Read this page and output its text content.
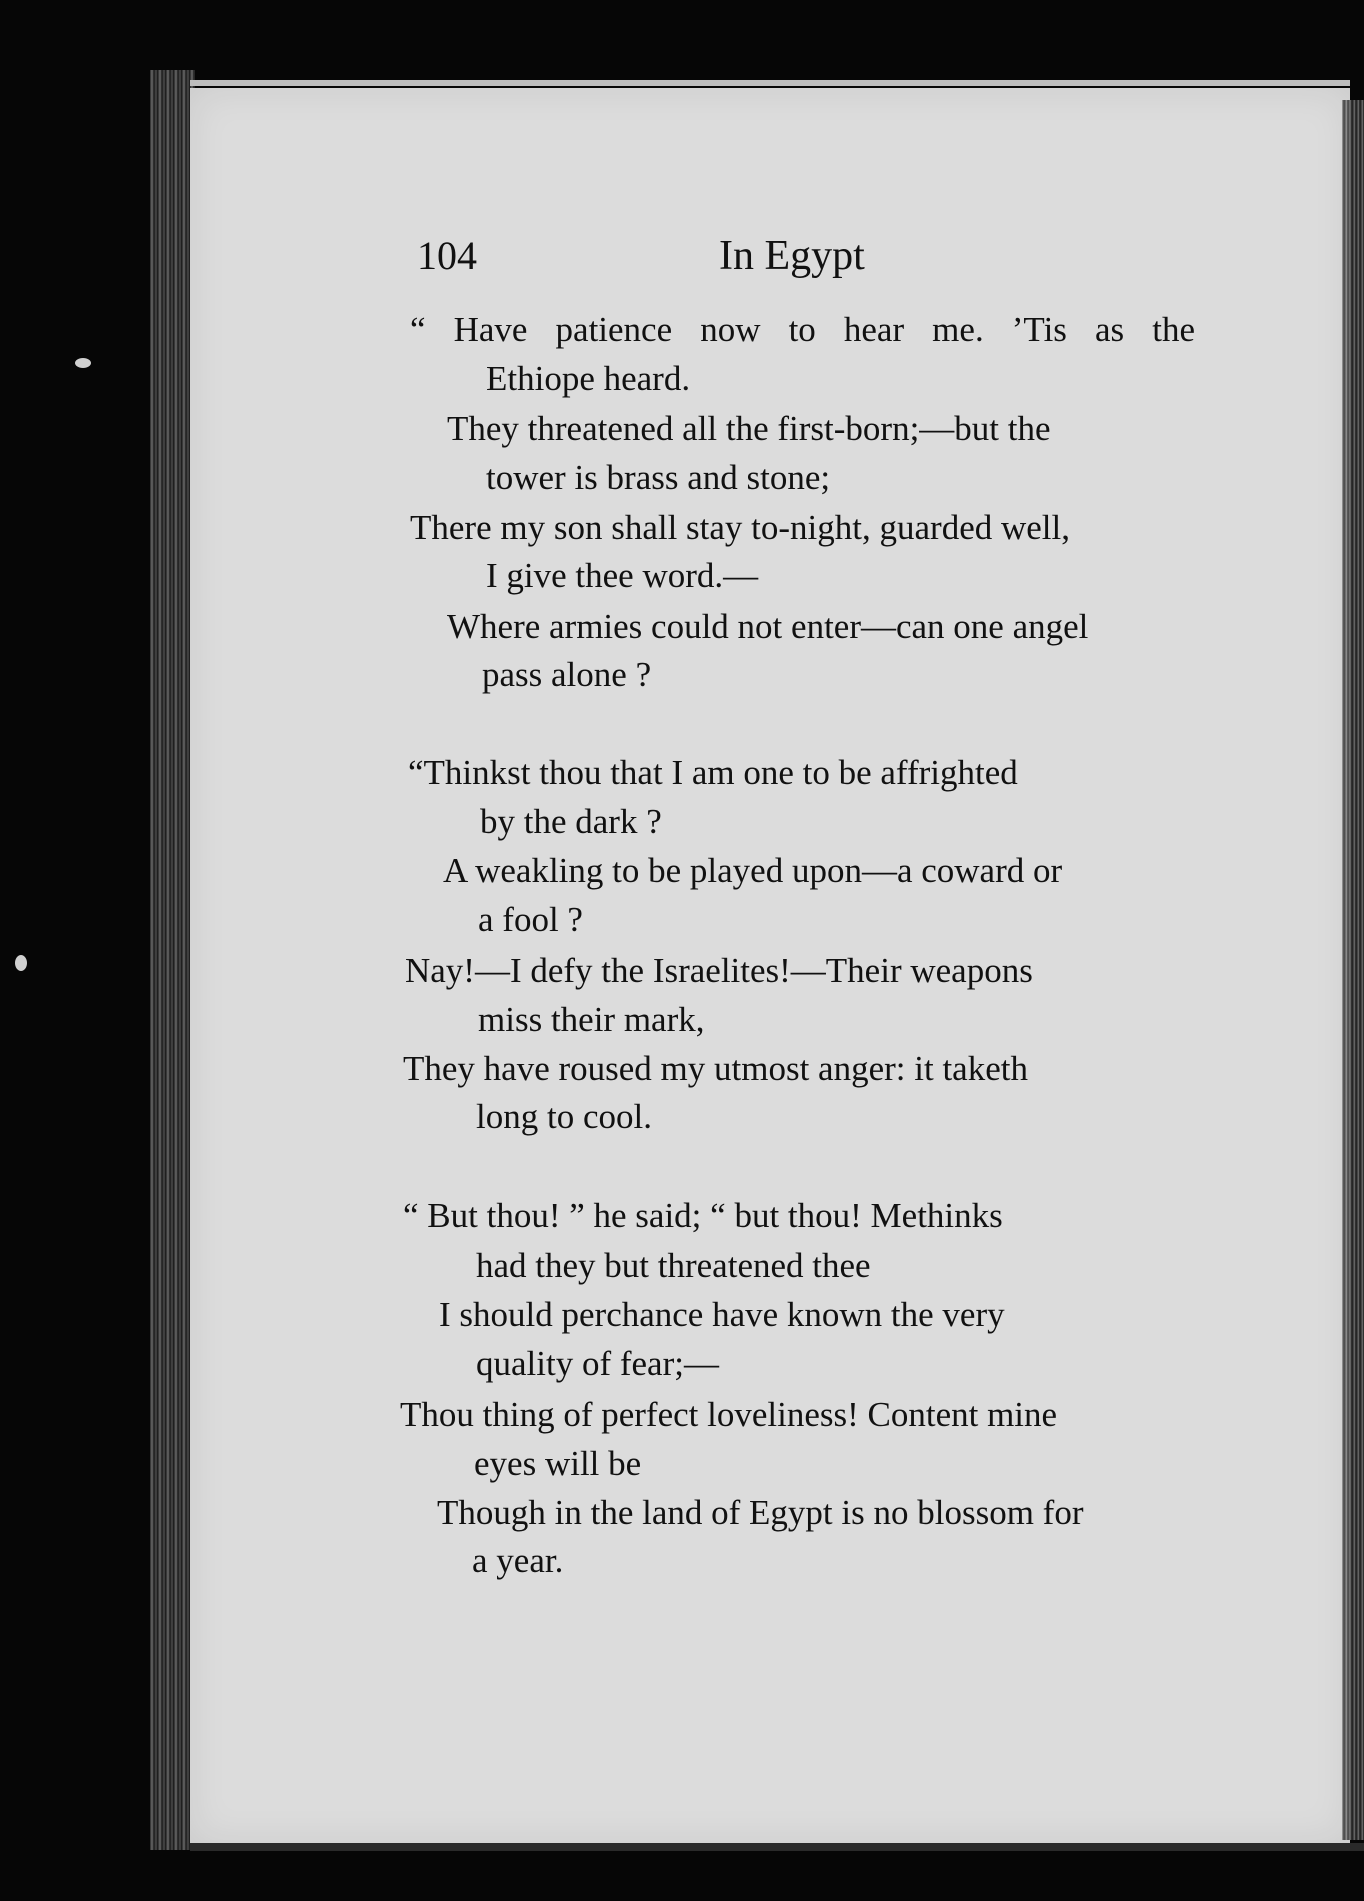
104	In Egypt
“ Have patience now to hear me. ’Tis as the
Ethiope heard.
They threatened all the first-born;—but the
tower is brass and stone;
There my son shall stay to-night, guarded well,
I give thee word.—
Where armies could not enter—can one angel
pass alone ?
“Thinkst thou that I am one to be affrighted
by the dark ?
A weakling to be played upon—a coward or
a fool ?
Nay!—I defy the Israelites!—Their weapons
miss their mark,
They have roused my utmost anger: it taketh
long to cool.
“ But thou! ” he said; “ but thou! Methinks
had they but threatened thee
I should perchance have known the very
quality of fear;—
Thou thing of perfect loveliness! Content mine
eyes will be
Though in the land of Egypt is no blossom for
a year.
